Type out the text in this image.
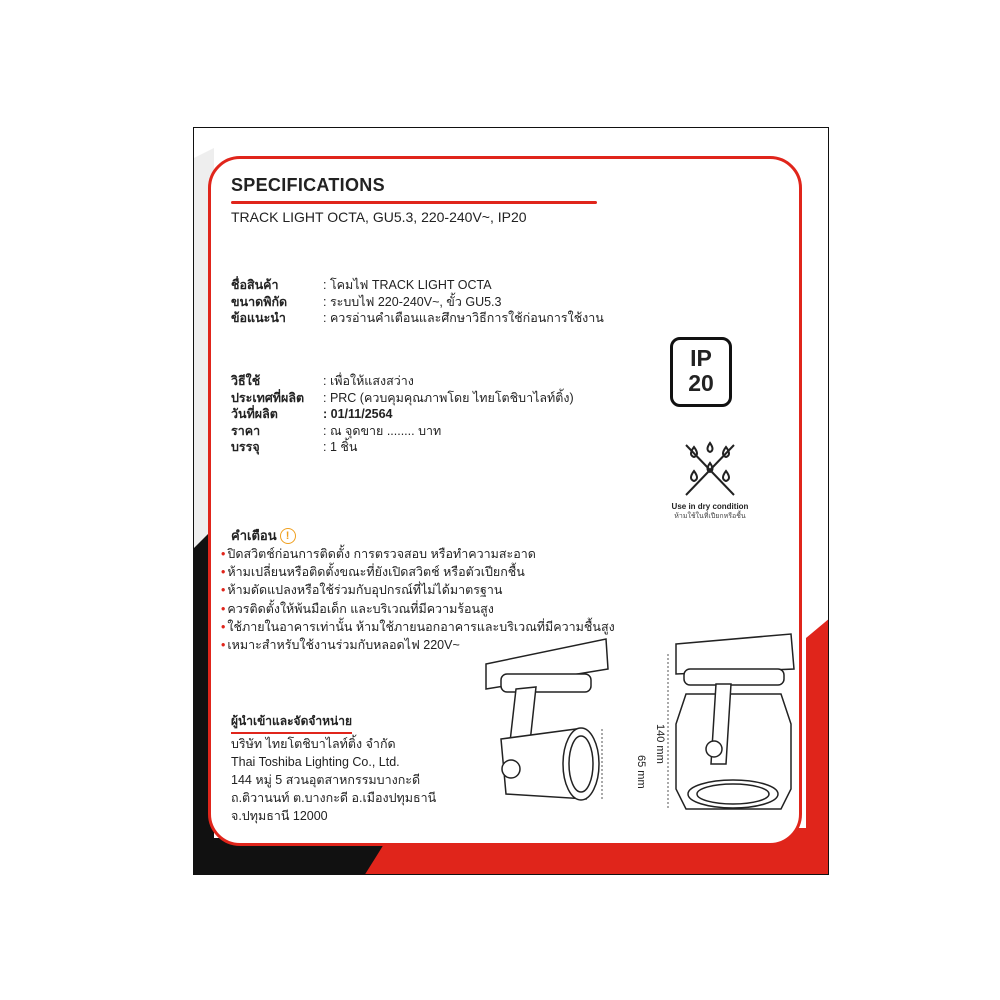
SPECIFICATIONS
TRACK LIGHT OCTA, GU5.3, 220-240V~, IP20
ชื่อสินค้า	: โคมไฟ TRACK LIGHT OCTA
ขนาดพิกัด	: ระบบไฟ 220-240V~, ขั้ว GU5.3
ข้อแนะนำ	: ควรอ่านคำเตือนและศึกษาวิธีการใช้ก่อนการใช้งาน
วิธีใช้	: เพื่อให้แสงสว่าง
ประเทศที่ผลิต	: PRC (ควบคุมคุณภาพโดย ไทยโตชิบาไลท์ติ้ง)
วันที่ผลิต	: 01/11/2564
ราคา	: ณ จุดขาย ........ บาท
บรรจุ	: 1 ชิ้น
IP
20
Use in dry condition
ห้ามใช้ในที่เปียกหรือชื้น
คำเตือน !
• ปิดสวิตช์ก่อนการติดตั้ง การตรวจสอบ หรือทำความสะอาด
• ห้ามเปลี่ยนหรือติดตั้งขณะที่ยังเปิดสวิตช์ หรือตัวเปียกชื้น
• ห้ามดัดแปลงหรือใช้ร่วมกับอุปกรณ์ที่ไม่ได้มาตรฐาน
• ควรติดตั้งให้พ้นมือเด็ก และบริเวณที่มีความร้อนสูง
• ใช้ภายในอาคารเท่านั้น ห้ามใช้ภายนอกอาคารและบริเวณที่มีความชื้นสูง
• เหมาะสำหรับใช้งานร่วมกับหลอดไฟ 220V~
ผู้นำเข้าและจัดจำหน่าย
บริษัท ไทยโตชิบาไลท์ติ้ง จำกัด
Thai Toshiba Lighting Co., Ltd.
144 หมู่ 5 สวนอุตสาหกรรมบางกะดี
ถ.ติวานนท์ ต.บางกะดี อ.เมืองปทุมธานี
จ.ปทุมธานี 12000
65 mm
140 mm
